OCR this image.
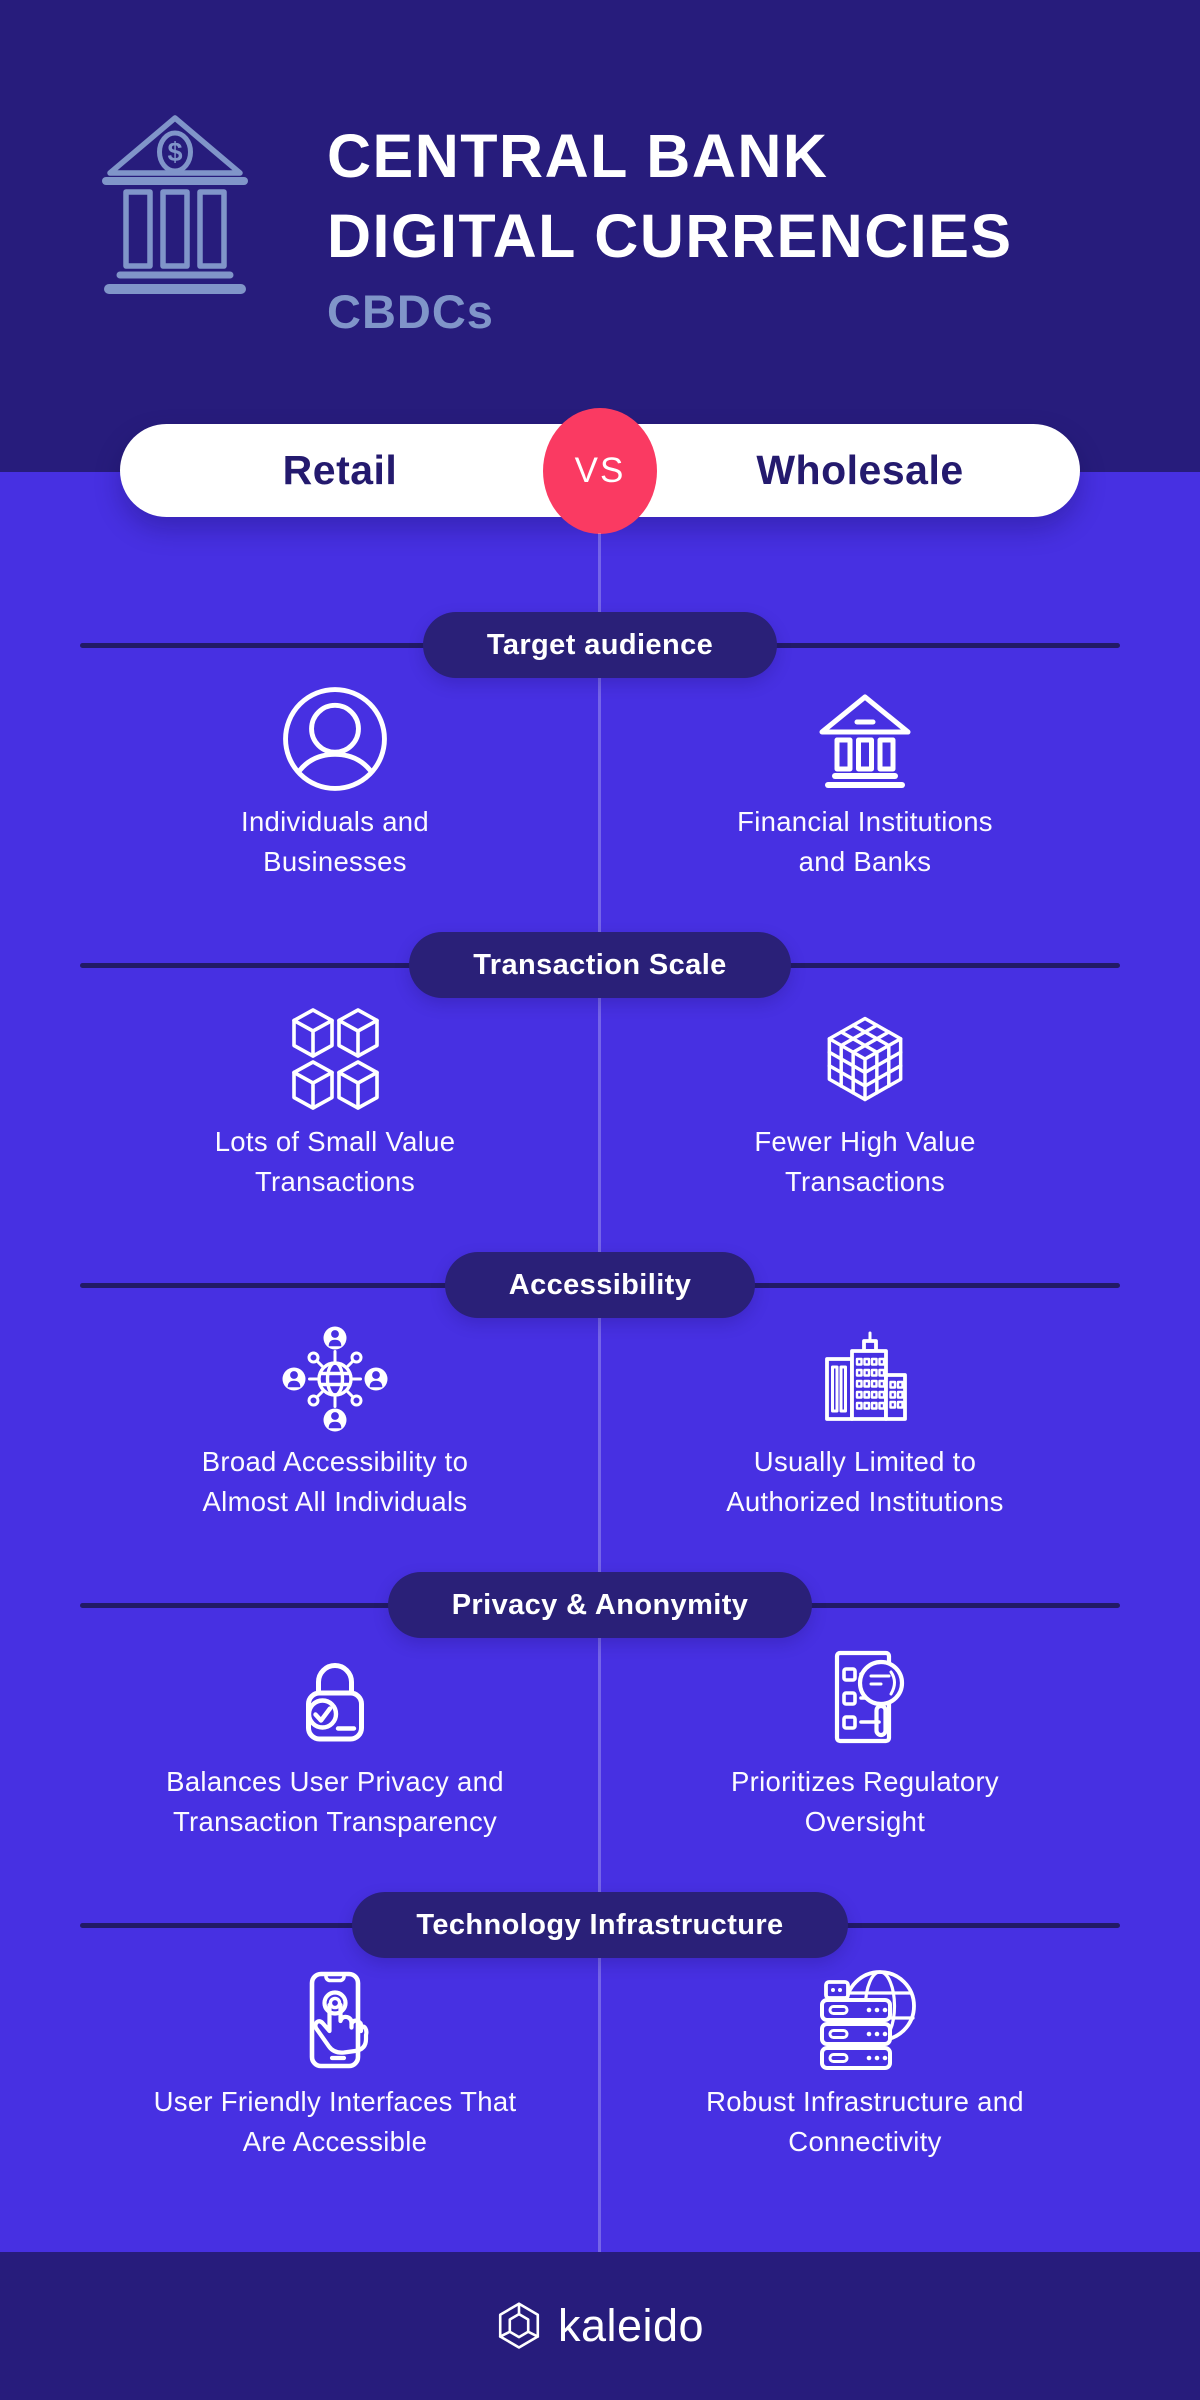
$ CENTRAL BANK
DIGITAL CURRENCIES
CBDCs
Retail	Wholesale
VS
Target audience
Individuals and
Businesses
Financial Institutions
and Banks
Transaction Scale
Lots of Small Value
Transactions
Fewer High Value
Transactions
Accessibility
Broad Accessibility to
Almost All Individuals
Usually Limited to
Authorized Institutions
Privacy & Anonymity
Balances User Privacy and
Transaction Transparency
Prioritizes Regulatory
Oversight
Technology Infrastructure
User Friendly Interfaces That
Are Accessible
Robust Infrastructure and
Connectivity
kaleido
